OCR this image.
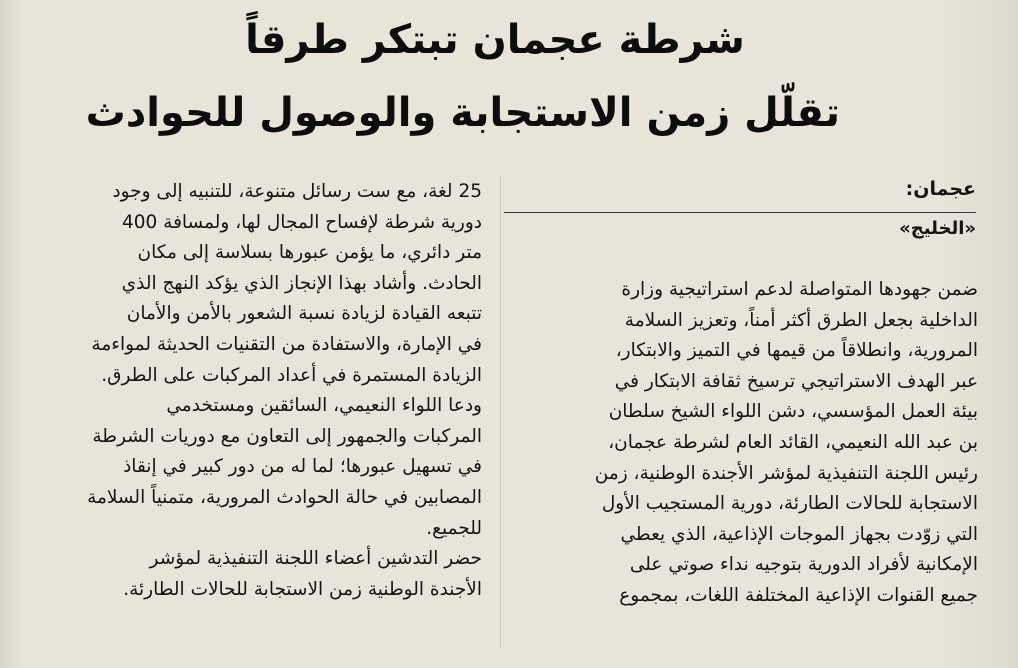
شرطة عجمان تبتكر طرقاً
تقلّل زمن الاستجابة والوصول للحوادث
عجمان:
«الخليج»
ضمن جهودها المتواصلة لدعم استراتيجية وزارة
الداخلية بجعل الطرق أكثر أمناً، وتعزيز السلامة
المرورية، وانطلاقاً من قيمها في التميز والابتكار،
عبر الهدف الاستراتيجي ترسيخ ثقافة الابتكار في
بيئة العمل المؤسسي، دشن اللواء الشيخ سلطان
بن عبد الله النعيمي، القائد العام لشرطة عجمان،
رئيس اللجنة التنفيذية لمؤشر الأجندة الوطنية، زمن
الاستجابة للحالات الطارئة، دورية المستجيب الأول
التي زوّدت بجهاز الموجات الإذاعية، الذي يعطي
الإمكانية لأفراد الدورية بتوجيه نداء صوتي على
جميع القنوات الإذاعية المختلفة اللغات، بمجموع
25 لغة، مع ست رسائل متنوعة، للتنبيه إلى وجود
دورية شرطة لإفساح المجال لها، ولمسافة 400
متر دائري، ما يؤمن عبورها بسلاسة إلى مكان
الحادث. وأشاد بهذا الإنجاز الذي يؤكد النهج الذي
تتبعه القيادة لزيادة نسبة الشعور بالأمن والأمان
في الإمارة، والاستفادة من التقنيات الحديثة لمواءمة
الزيادة المستمرة في أعداد المركبات على الطرق.
ودعا اللواء النعيمي، السائقين ومستخدمي
المركبات والجمهور إلى التعاون مع دوريات الشرطة
في تسهيل عبورها؛ لما له من دور كبير في إنقاذ
المصابين في حالة الحوادث المرورية، متمنياً السلامة
للجميع.
حضر التدشين أعضاء اللجنة التنفيذية لمؤشر
الأجندة الوطنية زمن الاستجابة للحالات الطارئة.
